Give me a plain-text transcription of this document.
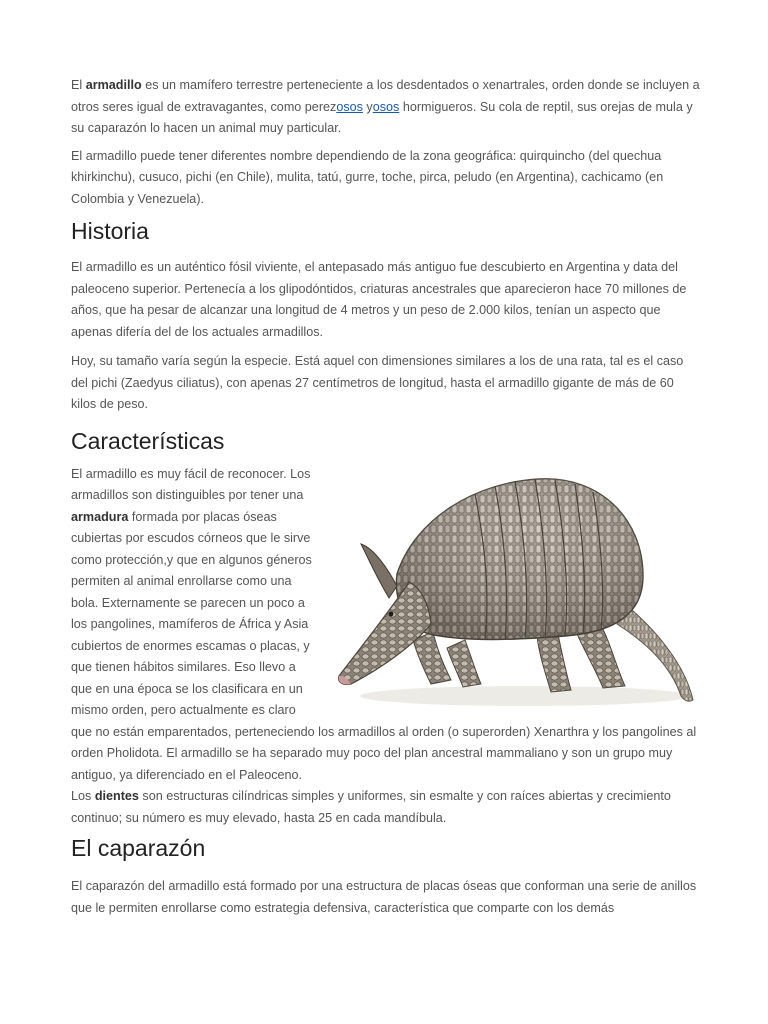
El armadillo es un mamífero terrestre perteneciente a los desdentados o xenartrales, orden donde se incluyen a otros seres igual de extravagantes, como perezosos yosos hormigueros. Su cola de reptil, sus orejas de mula y su caparazón lo hacen un animal muy particular.

El armadillo puede tener diferentes nombre dependiendo de la zona geográfica: quirquincho (del quechua khirkinchu), cusuco, pichi (en Chile), mulita, tatú, gurre, toche, pirca, peludo (en Argentina), cachicamo (en Colombia y Venezuela).

Historia

El armadillo es un auténtico fósil viviente, el antepasado más antiguo fue descubierto en Argentina y data del paleoceno superior. Pertenecía a los glipodóntidos, criaturas ancestrales que aparecieron hace 70 millones de años, que ha pesar de alcanzar una longitud de 4 metros y un peso de 2.000 kilos, tenían un aspecto que apenas difería del de los actuales armadillos.

Hoy, su tamaño varía según la especie. Está aquel con dimensiones similares a los de una rata, tal es el caso del pichi (Zaedyus ciliatus), con apenas 27 centímetros de longitud, hasta el armadillo gigante de más de 60 kilos de peso.

Características

El armadillo es muy fácil de reconocer. Los armadillos son distinguibles por tener una armadura formada por placas óseas cubiertas por escudos córneos que le sirve como protección,y que en algunos géneros permiten al animal enrollarse como una bola. Externamente se parecen un poco a los pangolines, mamíferos de África y Asia cubiertos de enormes escamas o placas, y que tienen hábitos similares. Eso llevo a que en una época se los clasificara en un mismo orden, pero actualmente es claro que no están emparentados, perteneciendo los armadillos al orden (o superorden) Xenarthra y los pangolines al orden Pholidota. El armadillo se ha separado muy poco del plan ancestral mammaliano y son un grupo muy antiguo, ya diferenciado en el Paleoceno.

Los dientes son estructuras cilíndricas simples y uniformes, sin esmalte y con raíces abiertas y crecimiento continuo; su número es muy elevado, hasta 25 en cada mandíbula.

El caparazón

El caparazón del armadillo está formado por una estructura de placas óseas que conforman una serie de anillos que le permiten enrollarse como estrategia defensiva, característica que comparte con los demás
